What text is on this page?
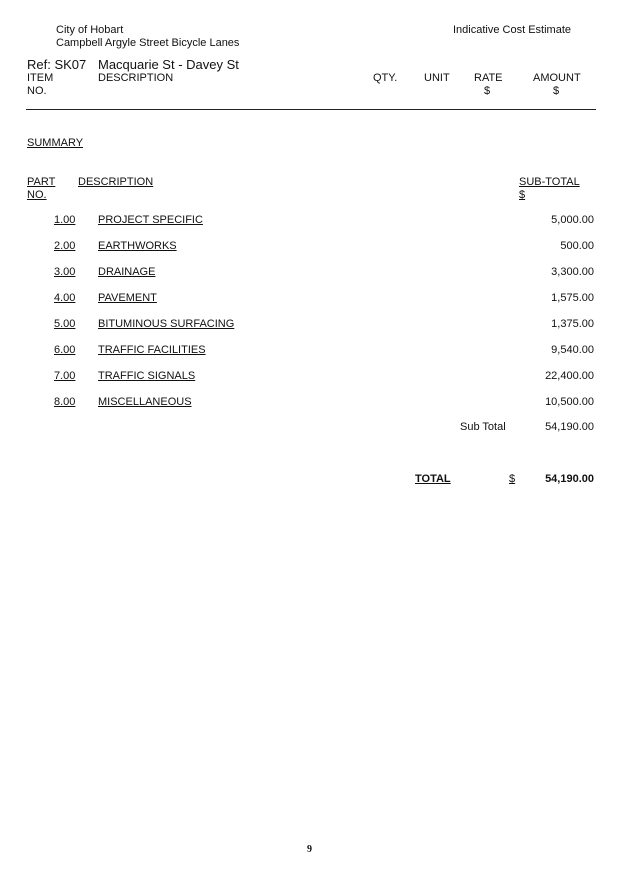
City of Hobart
Campbell Argyle Street Bicycle Lanes
Indicative Cost Estimate
Ref: SK07 Macquarie St - Davey St
ITEM
NO.
DESCRIPTION	QTY. UNIT RATE
$
AMOUNT
$
SUMMARY
PART
NO.
DESCRIPTION	SUB-TOTAL
$
1.00 PROJECT SPECIFIC	5,000.00
2.00 EARTHWORKS	500.00
3.00 DRAINAGE	3,300.00
4.00 PAVEMENT	1,575.00
5.00 BITUMINOUS SURFACING	1,375.00
6.00 TRAFFIC FACILITIES	9,540.00
7.00 TRAFFIC SIGNALS	22,400.00
8.00 MISCELLANEOUS	10,500.00
Sub Total	54,190.00
TOTAL	$	54,190.00
9
